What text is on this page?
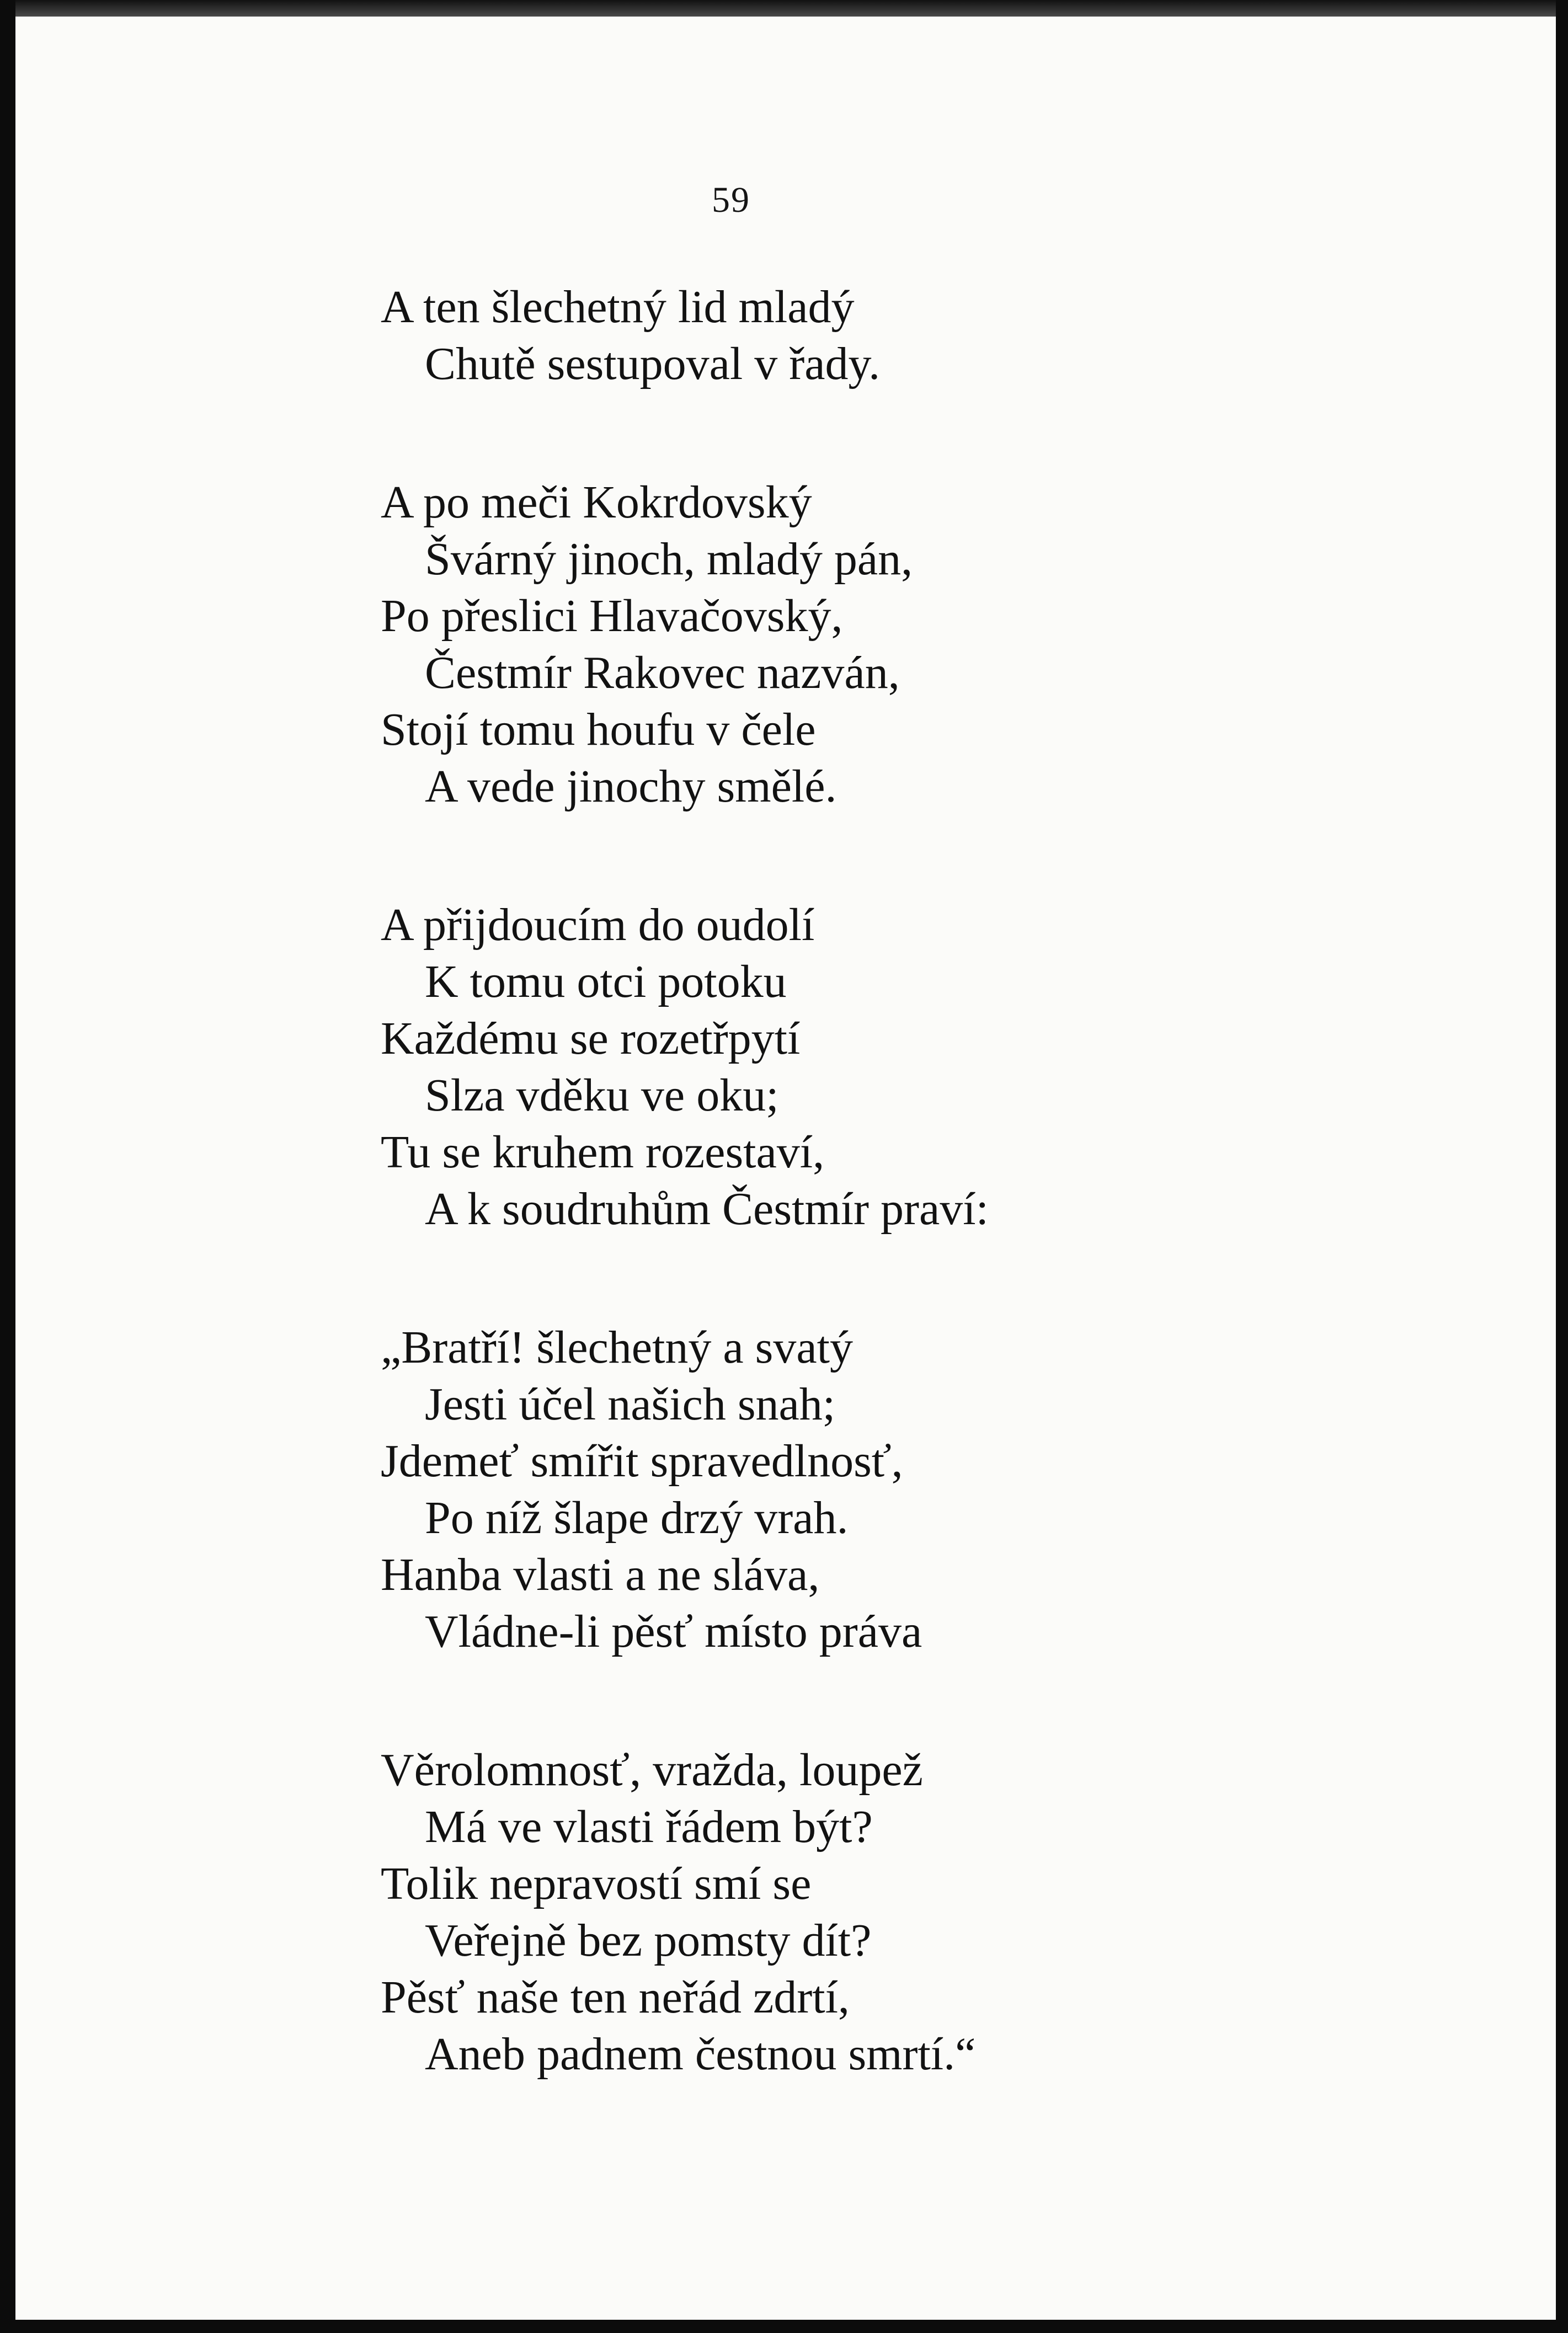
59
A ten šlechetný lid mladý
Chutě sestupoval v řady.
A po meči Kokrdovský
Švárný jinoch, mladý pán,
Po přeslici Hlavačovský,
Čestmír Rakovec nazván,
Stojí tomu houfu v čele
A vede jinochy smělé.
A přijdoucím do oudolí
K tomu otci potoku
Každému se rozetřpytí
Slza vděku ve oku;
Tu se kruhem rozestaví,
A k soudruhům Čestmír praví:
„Bratří! šlechetný a svatý
Jesti účel našich snah;
Jdemeť smířit spravedlnosť,
Po níž šlape drzý vrah.
Hanba vlasti a ne sláva,
Vládne-li pěsť místo práva
Věrolomnosť, vražda, loupež
Má ve vlasti řádem být?
Tolik nepravostí smí se
Veřejně bez pomsty dít?
Pěsť naše ten neřád zdrtí,
Aneb padnem čestnou smrtí.“
